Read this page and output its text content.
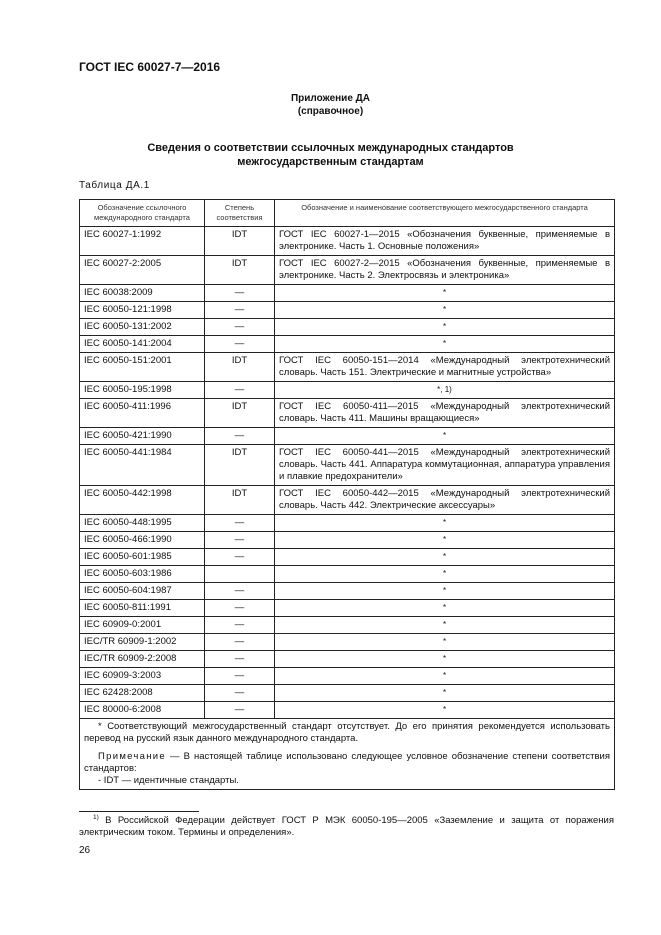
ГОСТ IEC 60027-7—2016
Приложение ДА
(справочное)
Сведения о соответствии ссылочных международных стандартов
межгосударственным стандартам
Таблица ДА.1
Обозначение ссылочного международного стандарта	Степень соответствия	Обозначение и наименование соответствующего межгосударственного стандарта
IEC 60027-1:1992	IDT	ГОСТ IEC 60027-1—2015 «Обозначения буквенные, применяемые в электронике. Часть 1. Основные положения»
IEC 60027-2:2005	IDT	ГОСТ IEC 60027-2—2015 «Обозначения буквенные, применяемые в электронике. Часть 2. Электросвязь и электроника»
IEC 60038:2009	—	*
IEC 60050-121:1998	—	*
IEC 60050-131:2002	—	*
IEC 60050-141:2004	—	*
IEC 60050-151:2001	IDT	ГОСТ IEC 60050-151—2014 «Международный электротехнический словарь. Часть 151. Электрические и магнитные устройства»
IEC 60050-195:1998	—	*, 1)
IEC 60050-411:1996	IDT	ГОСТ IEC 60050-411—2015 «Международный электротехнический словарь. Часть 411. Машины вращающиеся»
IEC 60050-421:1990	—	*
IEC 60050-441:1984	IDT	ГОСТ IEC 60050-441—2015 «Международный электротехнический словарь. Часть 441. Аппаратура коммутационная, аппаратура управления и плавкие предохранители»
IEC 60050-442:1998	IDT	ГОСТ IEC 60050-442—2015 «Международный электротехнический словарь. Часть 442. Электрические аксессуары»
IEC 60050-448:1995	—	*
IEC 60050-466:1990	—	*
IEC 60050-601:1985	—	*
IEC 60050-603:1986		*
IEC 60050-604:1987	—	*
IEC 60050-811:1991	—	*
IEC 60909-0:2001	—	*
IEC/TR 60909-1:2002	—	*
IEC/TR 60909-2:2008	—	*
IEC 60909-3:2003	—	*
IEC 62428:2008	—	*
IEC 80000-6:2008	—	*

* Соответствующий межгосударственный стандарт отсутствует. До его принятия рекомендуется использовать перевод на русский язык данного международного стандарта.

Примечание — В настоящей таблице использовано следующее условное обозначение степени соответствия стандартов:

- IDT — идентичные стандарты.		

$^{1)}$ В Российской Федерации действует ГОСТ Р МЭК 60050-195—2005 «Заземление и защита от поражения электрическим током. Термины и определения».
26
